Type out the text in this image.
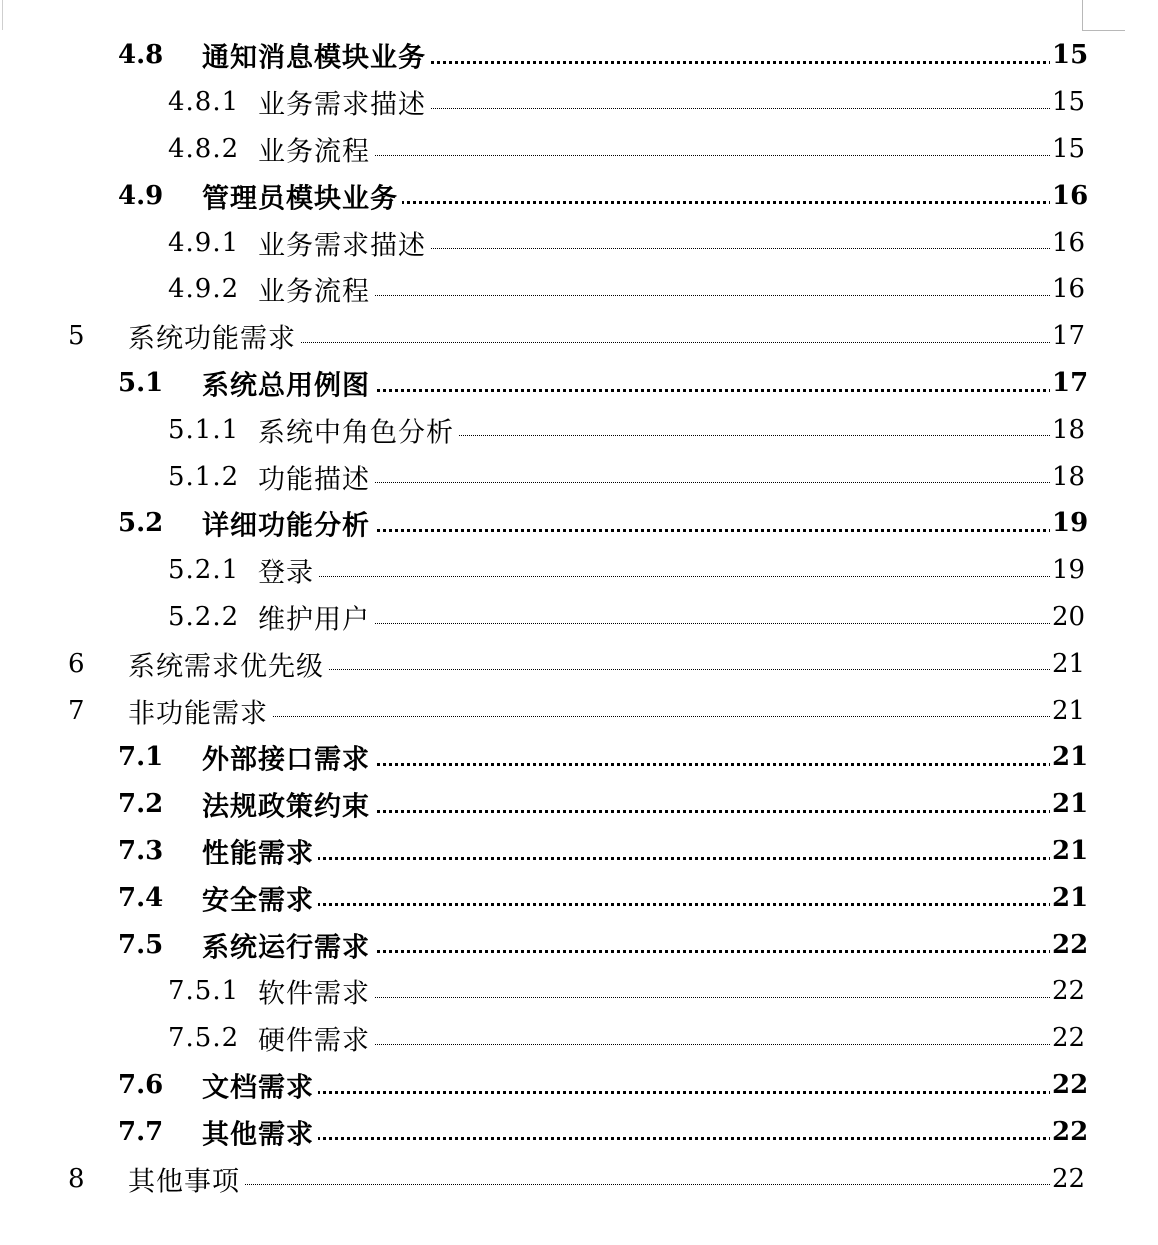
4.8 通知消息模块业务	15
4.8.1 业务需求描述	15
4.8.2 业务流程	15
4.9 管理员模块业务	16
4.9.1 业务需求描述	16
4.9.2 业务流程	16
5 系统功能需求	17
5.1 系统总用例图	17
5.1.1 系统中角色分析	18
5.1.2 功能描述	18
5.2 详细功能分析	19
5.2.1 登录	19
5.2.2 维护用户	20
6 系统需求优先级	21
7 非功能需求	21
7.1 外部接口需求	21
7.2 法规政策约束	21
7.3 性能需求	21
7.4 安全需求	21
7.5 系统运行需求	22
7.5.1 软件需求	22
7.5.2 硬件需求	22
7.6 文档需求	22
7.7 其他需求	22
8 其他事项	22
